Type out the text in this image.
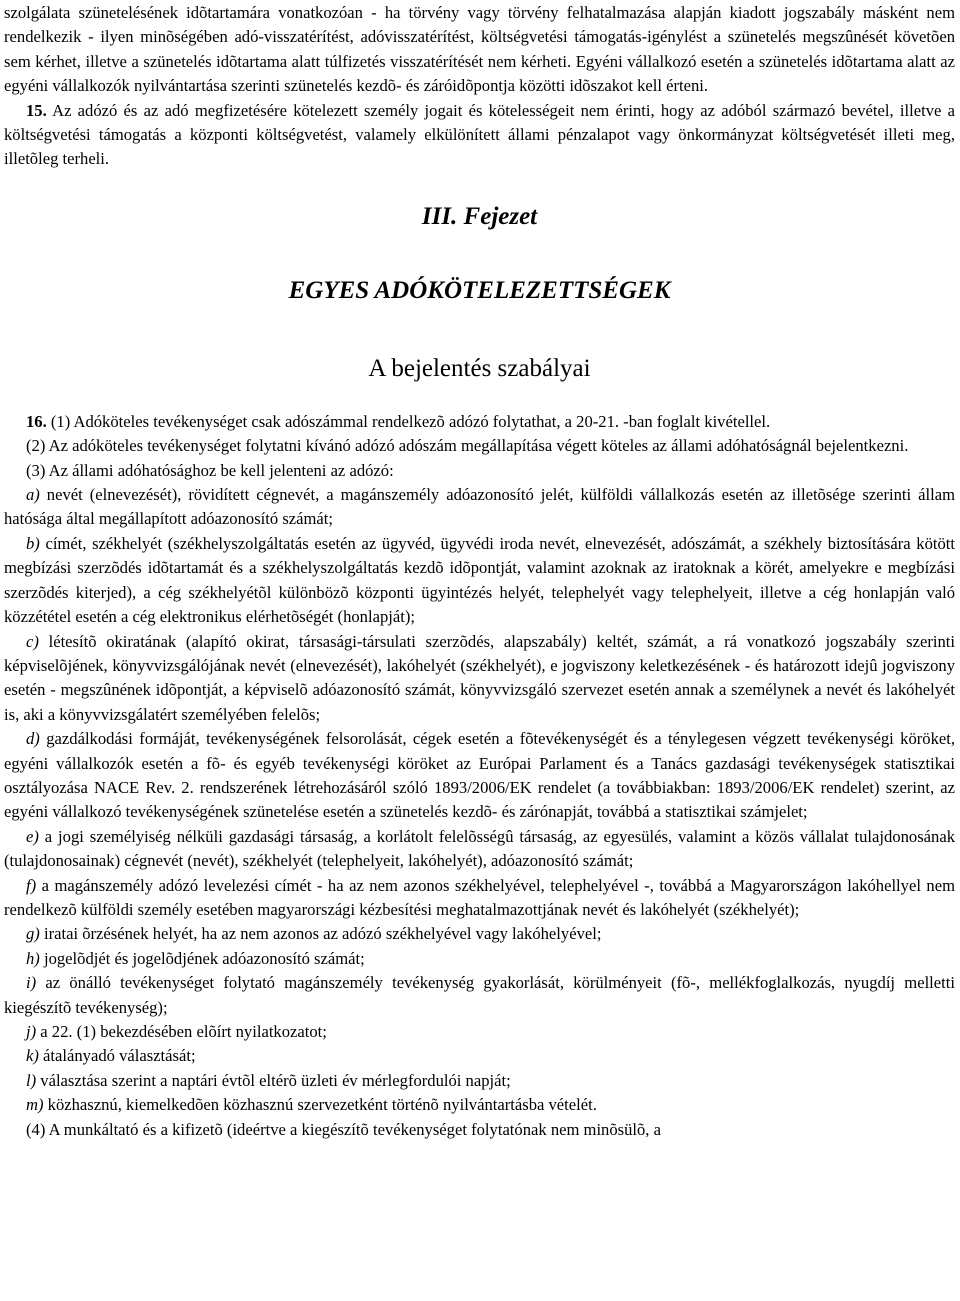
szolgálata szünetelésének idõtartamára vonatkozóan - ha törvény vagy törvény felhatalmazása alapján kiadott jogszabály másként nem rendelkezik - ilyen minõségében adó-visszatérítést, adóvisszatérítést, költségvetési támogatás-igénylést a szünetelés megszûnését követõen sem kérhet, illetve a szünetelés idõtartama alatt túlfizetés visszatérítését nem kérheti. Egyéni vállalkozó esetén a szünetelés idõtartama alatt az egyéni vállalkozók nyilvántartása szerinti szünetelés kezdõ- és záróidõpontja közötti idõszakot kell érteni.

15. Az adózó és az adó megfizetésére kötelezett személy jogait és kötelességeit nem érinti, hogy az adóból származó bevétel, illetve a költségvetési támogatás a központi költségvetést, valamely elkülönített állami pénzalapot vagy önkormányzat költségvetését illeti meg, illetõleg terheli.

III. Fejezet

EGYES ADÓKÖTELEZETTSÉGEK

A bejelentés szabályai

16. (1) Adóköteles tevékenységet csak adószámmal rendelkezõ adózó folytathat, a 20-21. -ban foglalt kivétellel.

(2) Az adóköteles tevékenységet folytatni kívánó adózó adószám megállapítása végett köteles az állami adóhatóságnál bejelentkezni.

(3) Az állami adóhatósághoz be kell jelenteni az adózó:

a) nevét (elnevezését), rövidített cégnevét, a magánszemély adóazonosító jelét, külföldi vállalkozás esetén az illetõsége szerinti állam hatósága által megállapított adóazonosító számát;

b) címét, székhelyét (székhelyszolgáltatás esetén az ügyvéd, ügyvédi iroda nevét, elnevezését, adószámát, a székhely biztosítására kötött megbízási szerzõdés idõtartamát és a székhelyszolgáltatás kezdõ idõpontját, valamint azoknak az iratoknak a körét, amelyekre e megbízási szerzõdés kiterjed), a cég székhelyétõl különbözõ központi ügyintézés helyét, telephelyét vagy telephelyeit, illetve a cég honlapján való közzététel esetén a cég elektronikus elérhetõségét (honlapját);

c) létesítõ okiratának (alapító okirat, társasági-társulati szerzõdés, alapszabály) keltét, számát, a rá vonatkozó jogszabály szerinti képviselõjének, könyvvizsgálójának nevét (elnevezését), lakóhelyét (székhelyét), e jogviszony keletkezésének - és határozott idejû jogviszony esetén - megszûnének idõpontját, a képviselõ adóazonosító számát, könyvvizsgáló szervezet esetén annak a személynek a nevét és lakóhelyét is, aki a könyvvizsgálatért személyében felelõs;

d) gazdálkodási formáját, tevékenységének felsorolását, cégek esetén a fõtevékenységét és a ténylegesen végzett tevékenységi köröket, egyéni vállalkozók esetén a fõ- és egyéb tevékenységi köröket az Európai Parlament és a Tanács gazdasági tevékenységek statisztikai osztályozása NACE Rev. 2. rendszerének létrehozásáról szóló 1893/2006/EK rendelet (a továbbiakban: 1893/2006/EK rendelet) szerint, az egyéni vállalkozó tevékenységének szünetelése esetén a szünetelés kezdõ- és zárónapját, továbbá a statisztikai számjelet;

e) a jogi személyiség nélküli gazdasági társaság, a korlátolt felelõsségû társaság, az egyesülés, valamint a közös vállalat tulajdonosának (tulajdonosainak) cégnevét (nevét), székhelyét (telephelyeit, lakóhelyét), adóazonosító számát;

f) a magánszemély adózó levelezési címét - ha az nem azonos székhelyével, telephelyével -, továbbá a Magyarországon lakóhellyel nem rendelkezõ külföldi személy esetében magyarországi kézbesítési meghatalmazottjának nevét és lakóhelyét (székhelyét);

g) iratai õrzésének helyét, ha az nem azonos az adózó székhelyével vagy lakóhelyével;

h) jogelõdjét és jogelõdjének adóazonosító számát;

i) az önálló tevékenységet folytató magánszemély tevékenység gyakorlását, körülményeit (fõ-, mellékfoglalkozás, nyugdíj melletti kiegészítõ tevékenység);

j) a 22. (1) bekezdésében elõírt nyilatkozatot;

k) átalányadó választását;

l) választása szerint a naptári évtõl eltérõ üzleti év mérlegfordulói napját;

m) közhasznú, kiemelkedõen közhasznú szervezetként történõ nyilvántartásba vételét.

(4) A munkáltató és a kifizetõ (ideértve a kiegészítõ tevékenységet folytatónak nem minõsülõ, a
